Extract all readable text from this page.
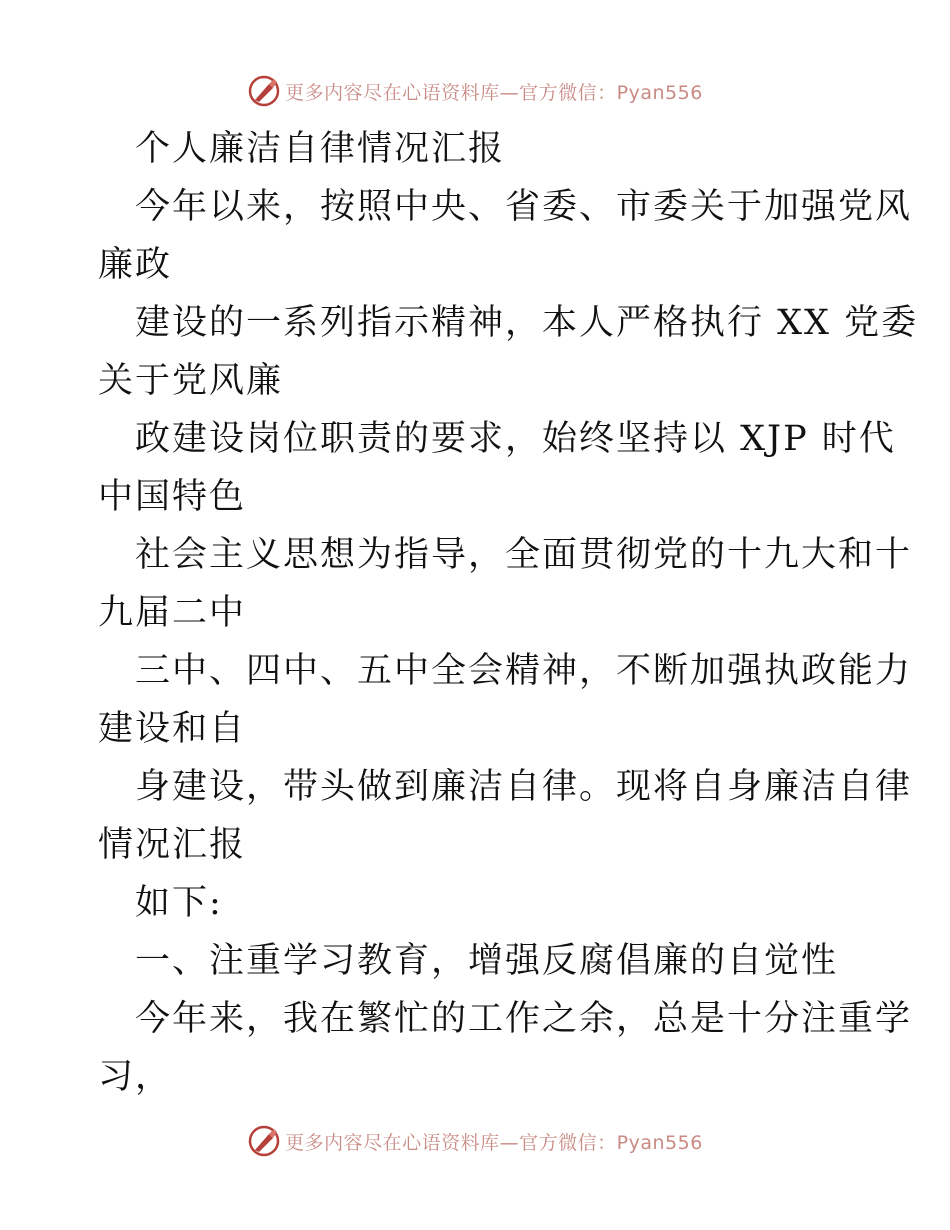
更多内容尽在心语资料库—官方微信：Pyan556
个人廉洁自律情况汇报
今年以来，按照中央、省委、市委关于加强党风
廉政
建设的一系列指示精神，本人严格执行 XX 党委
关于党风廉
政建设岗位职责的要求，始终坚持以 XJP 时代
中国特色
社会主义思想为指导，全面贯彻党的十九大和十
九届二中
三中、四中、五中全会精神，不断加强执政能力
建设和自
身建设，带头做到廉洁自律。现将自身廉洁自律
情况汇报
如下:
一、注重学习教育，增强反腐倡廉的自觉性
今年来，我在繁忙的工作之余，总是十分注重学
习，
更多内容尽在心语资料库—官方微信：Pyan556
